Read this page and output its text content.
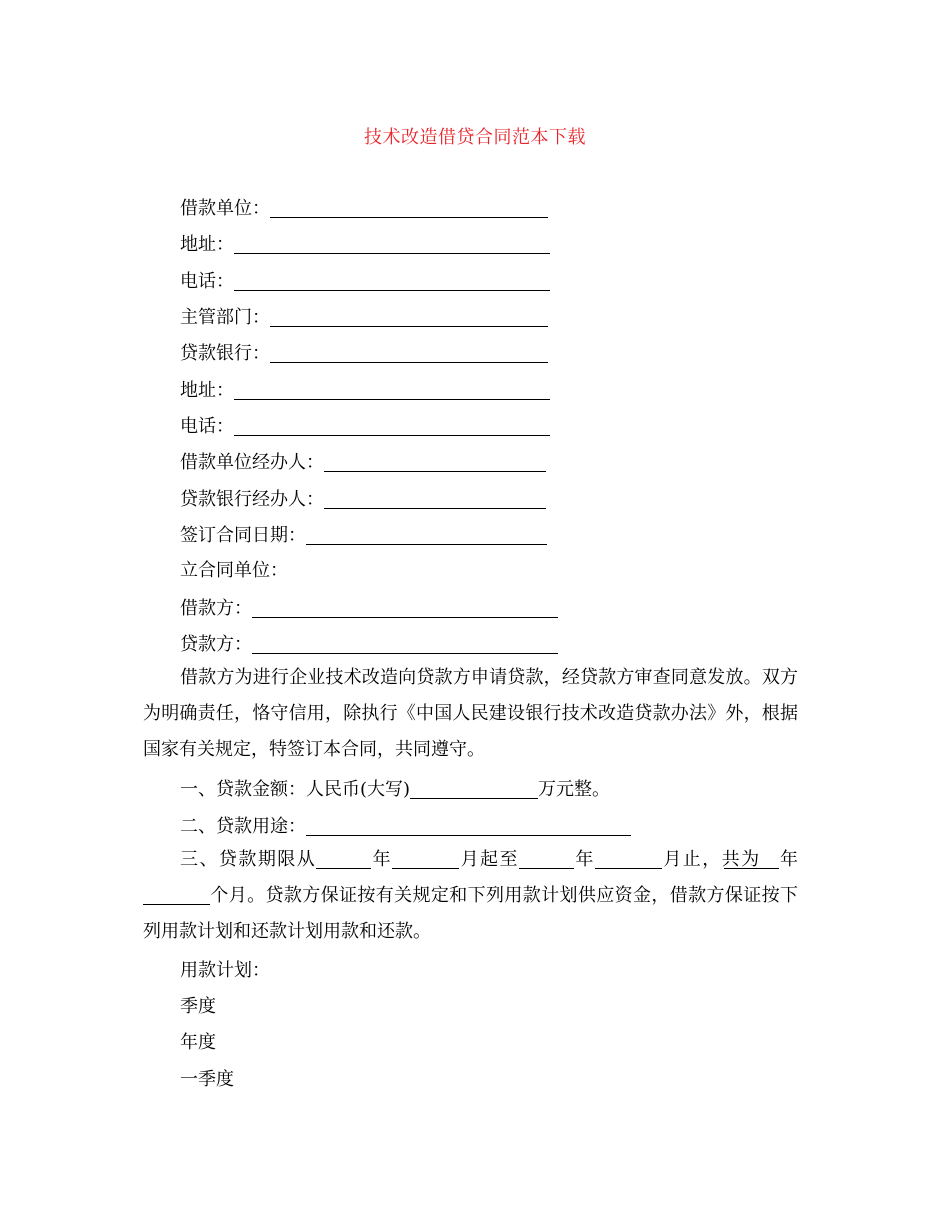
技术改造借贷合同范本下载
借款单位：
地址：
电话：
主管部门：
贷款银行：
地址：
电话：
借款单位经办人：
贷款银行经办人：
签订合同日期：
立合同单位：
借款方：
贷款方：
借款方为进行企业技术改造向贷款方申请贷款，经贷款方审查同意发放。双方为明确责任，恪守信用，除执行《中国人民建设银行技术改造贷款办法》外，根据国家有关规定，特签订本合同，共同遵守。
一、贷款金额：人民币(大写)	万元整。
二、贷款用途：
三、贷款期限从	年	月起至	年	月止，共为 年个月。贷款方保证按有关规定和下列用款计划供应资金，借款方保证按下列用款计划和还款计划用款和还款。
用款计划：
季度
年度
一季度
